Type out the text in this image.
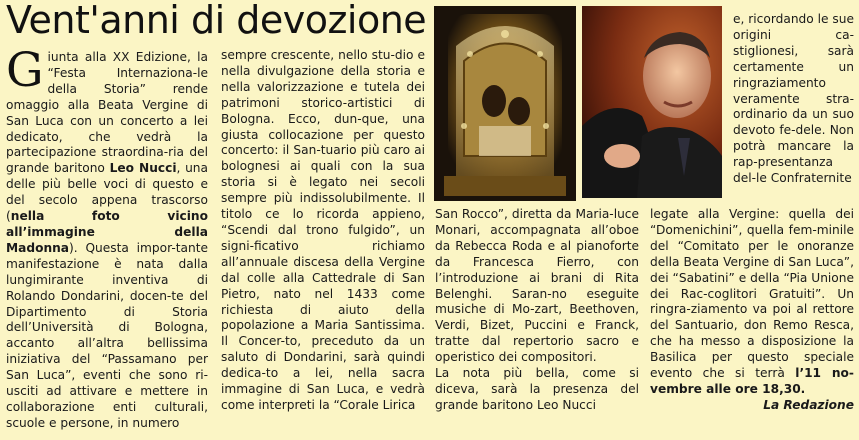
Vent'anni di devozione

Giunta alla XX Edizione, la “Festa Internaziona-le della Storia” rende omaggio alla Beata Vergine di San Luca con un concerto a lei dedicato, che vedrà la partecipazione straordina-ria del grande baritono Leo Nucci, una delle più belle voci di questo e del secolo appena trascorso (nella foto vicino all’immagine della Madonna). Questa impor-tante manifestazione è nata dalla lungimirante inventiva di Rolando Dondarini, docen-te del Dipartimento di Storia dell’Università di Bologna, accanto all’altra bellissima iniziativa del “Passamano per San Luca”, eventi che sono ri-usciti ad attivare e mettere in collaborazione enti culturali, scuole e persone, in numero

sempre crescente, nello stu-dio e nella divulgazione della storia e nella valorizzazione e tutela dei patrimoni storico-artistici di Bologna. Ecco, dun-que, una giusta collocazione per questo concerto: il San-tuario più caro ai bolognesi ai quali con la sua storia si è legato nei secoli sempre più indissolubilmente. Il titolo ce lo ricorda appieno, “Scendi dal trono fulgido”, un signi-ficativo richiamo all’annuale discesa della Vergine dal colle alla Cattedrale di San Pietro, nato nel 1433 come richiesta di aiuto della popolazione a Maria Santissima. Il Concer-to, preceduto da un saluto di Dondarini, sarà quindi dedica-to a lei, nella sacra immagine di San Luca, e vedrà come interpreti la “Corale Lirica

e, ricordando le sue origini ca-stiglionesi, sarà certamente un ringraziamento veramente stra-ordinario da un suo devoto fe-dele. Non potrà mancare la rap-presentanza del-le Confraternite

San Rocco”, diretta da Maria-luce Monari, accompagnata all’oboe da Rebecca Roda e al pianoforte da Francesca Fierro, con l’introduzione ai brani di Rita Belenghi. Saran-no eseguite musiche di Mo-zart, Beethoven, Verdi, Bizet, Puccini e Franck, tratte dal repertorio sacro e operistico dei compositori.

La nota più bella, come si diceva, sarà la presenza del grande baritono Leo Nucci

legate alla Vergine: quella dei “Domenichini”, quella fem-minile del “Comitato per le onoranze della Beata Vergine di San Luca”, dei “Sabatini” e della “Pia Unione dei Rac-coglitori Gratuiti”. Un ringra-ziamento va poi al rettore del Santuario, don Remo Resca, che ha messo a disposizione la Basilica per questo speciale evento che si terrà l’11 no-vembre alle ore 18,30.

La Redazione
